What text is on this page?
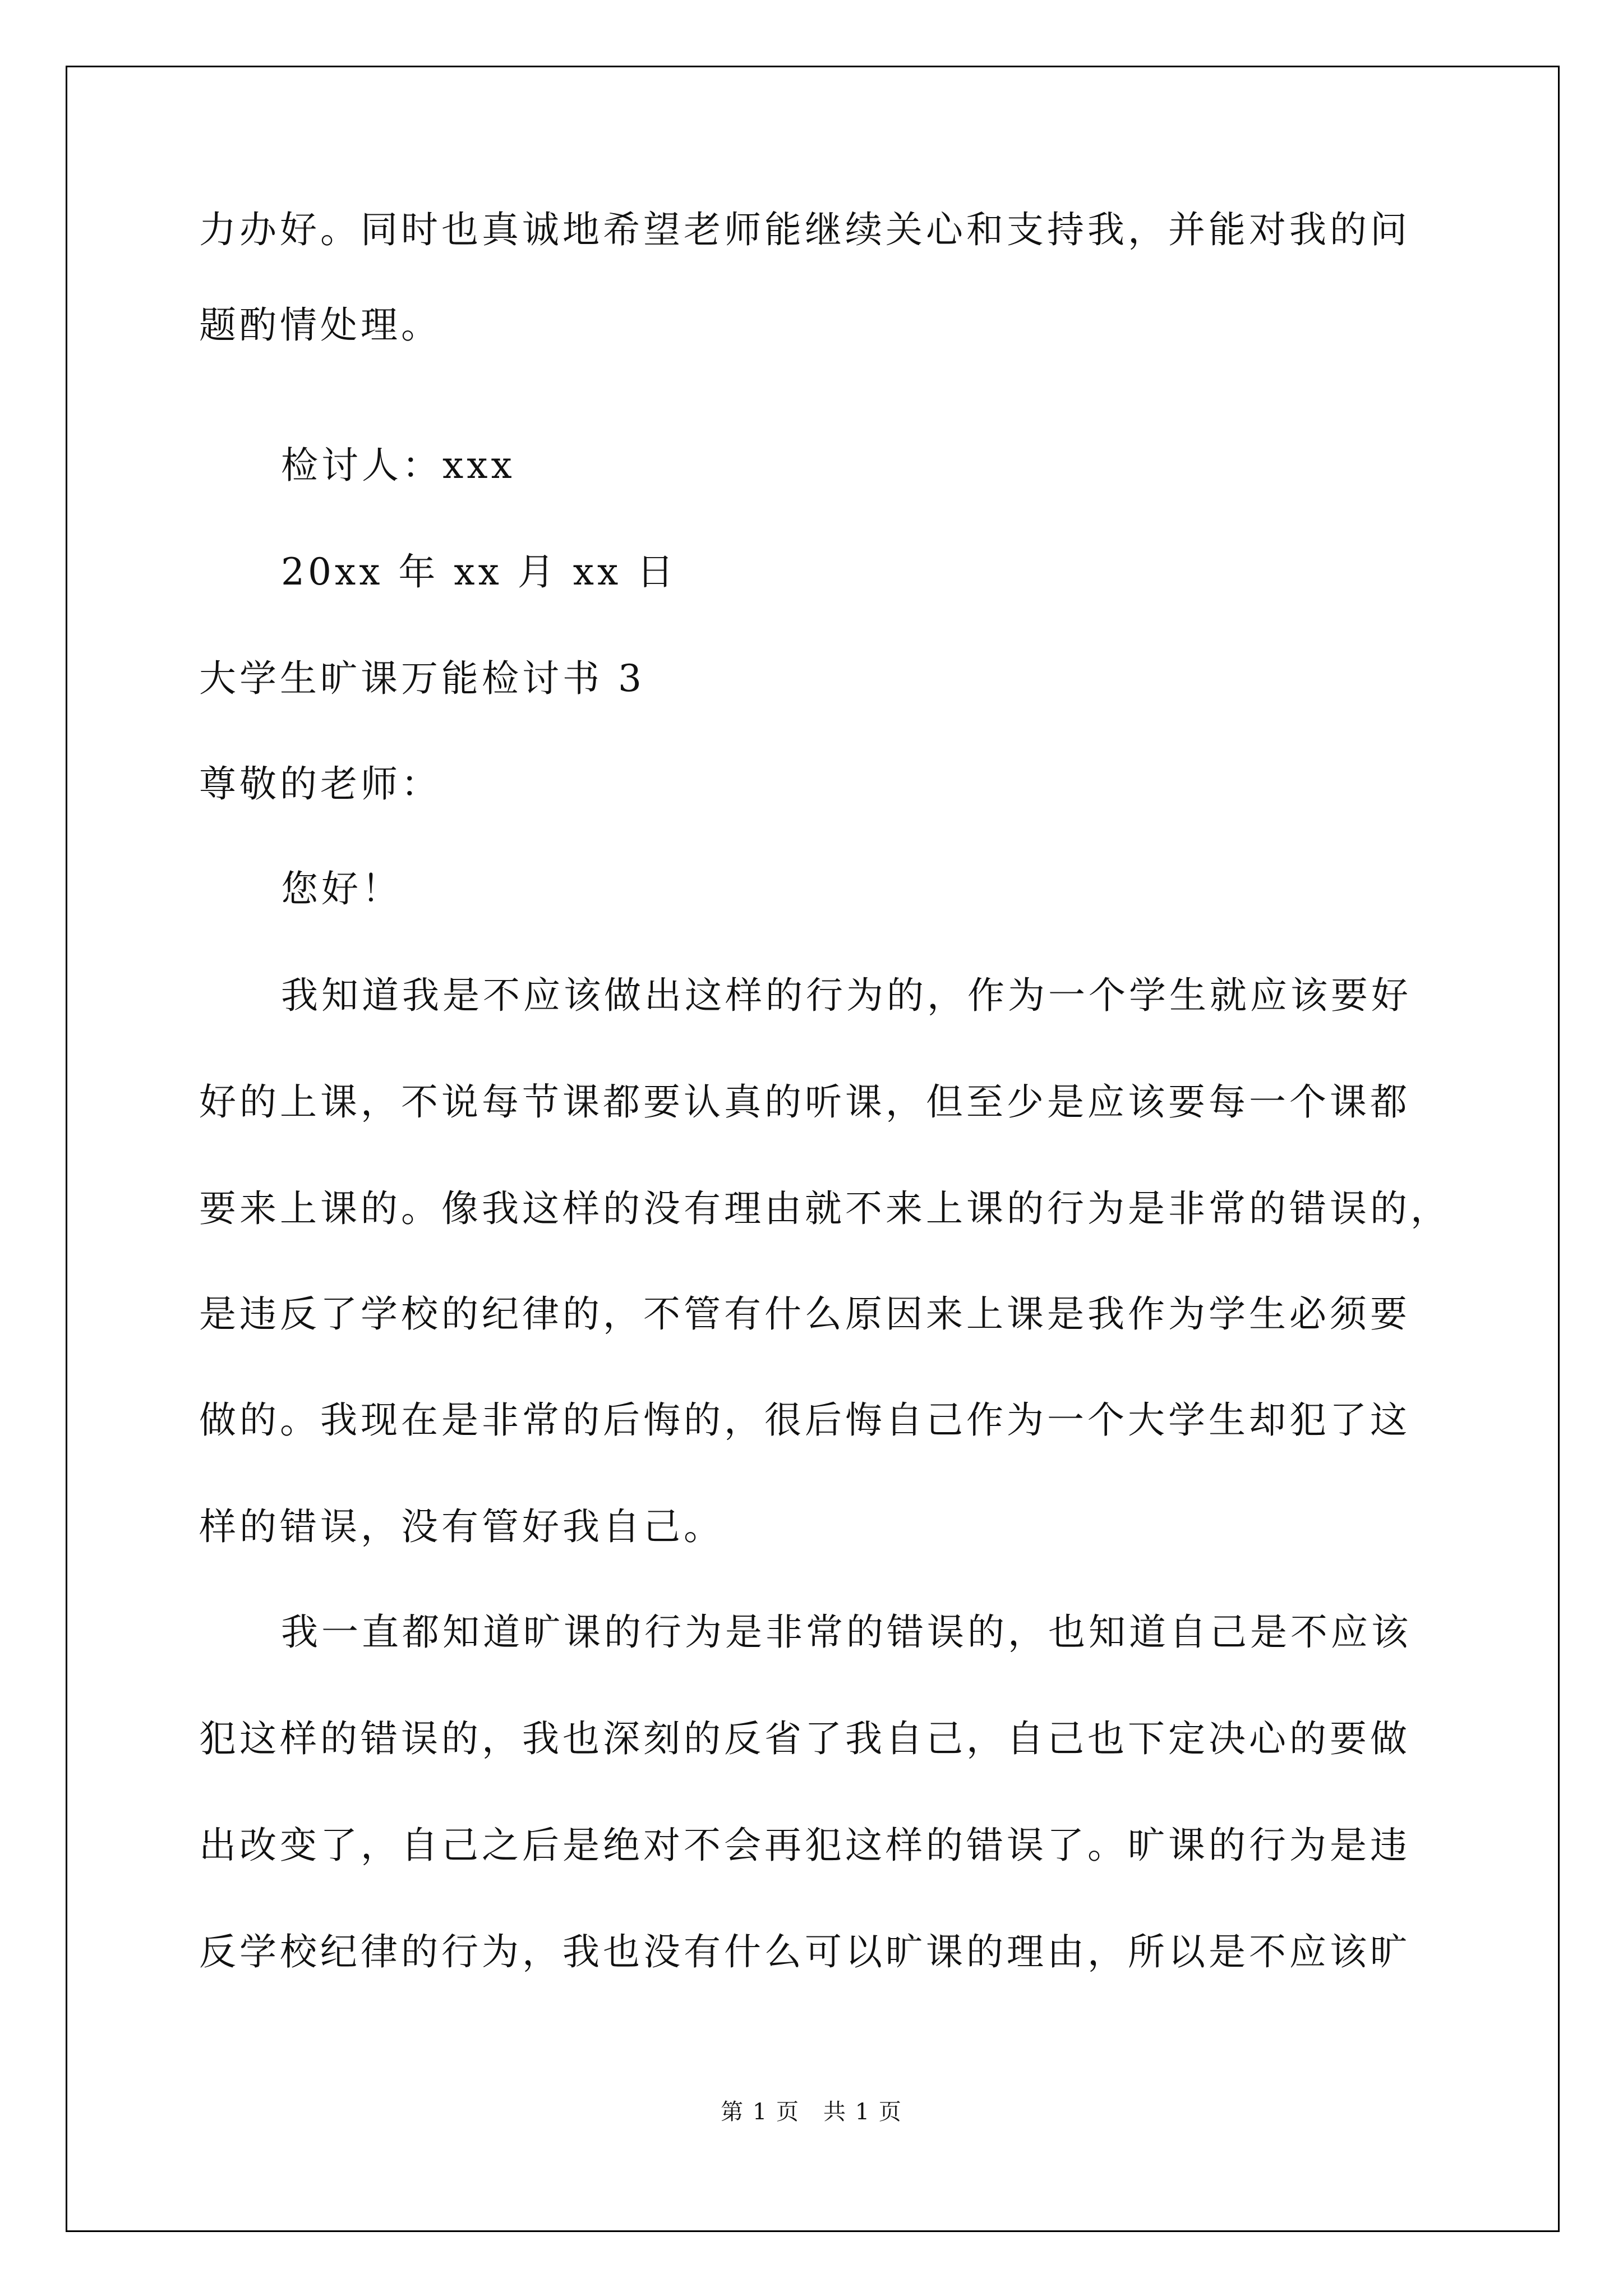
力办好。同时也真诚地希望老师能继续关心和支持我，并能对我的问
题酌情处理。
检讨人：xxx
20xx 年 xx 月 xx 日
大学生旷课万能检讨书 3
尊敬的老师：
您好！
我知道我是不应该做出这样的行为的，作为一个学生就应该要好
好的上课，不说每节课都要认真的听课，但至少是应该要每一个课都
要来上课的。像我这样的没有理由就不来上课的行为是非常的错误的，
是违反了学校的纪律的，不管有什么原因来上课是我作为学生必须要
做的。我现在是非常的后悔的，很后悔自己作为一个大学生却犯了这
样的错误，没有管好我自己。
我一直都知道旷课的行为是非常的错误的，也知道自己是不应该
犯这样的错误的，我也深刻的反省了我自己，自己也下定决心的要做
出改变了，自己之后是绝对不会再犯这样的错误了。旷课的行为是违
反学校纪律的行为，我也没有什么可以旷课的理由，所以是不应该旷
第 1 页　共 1 页
